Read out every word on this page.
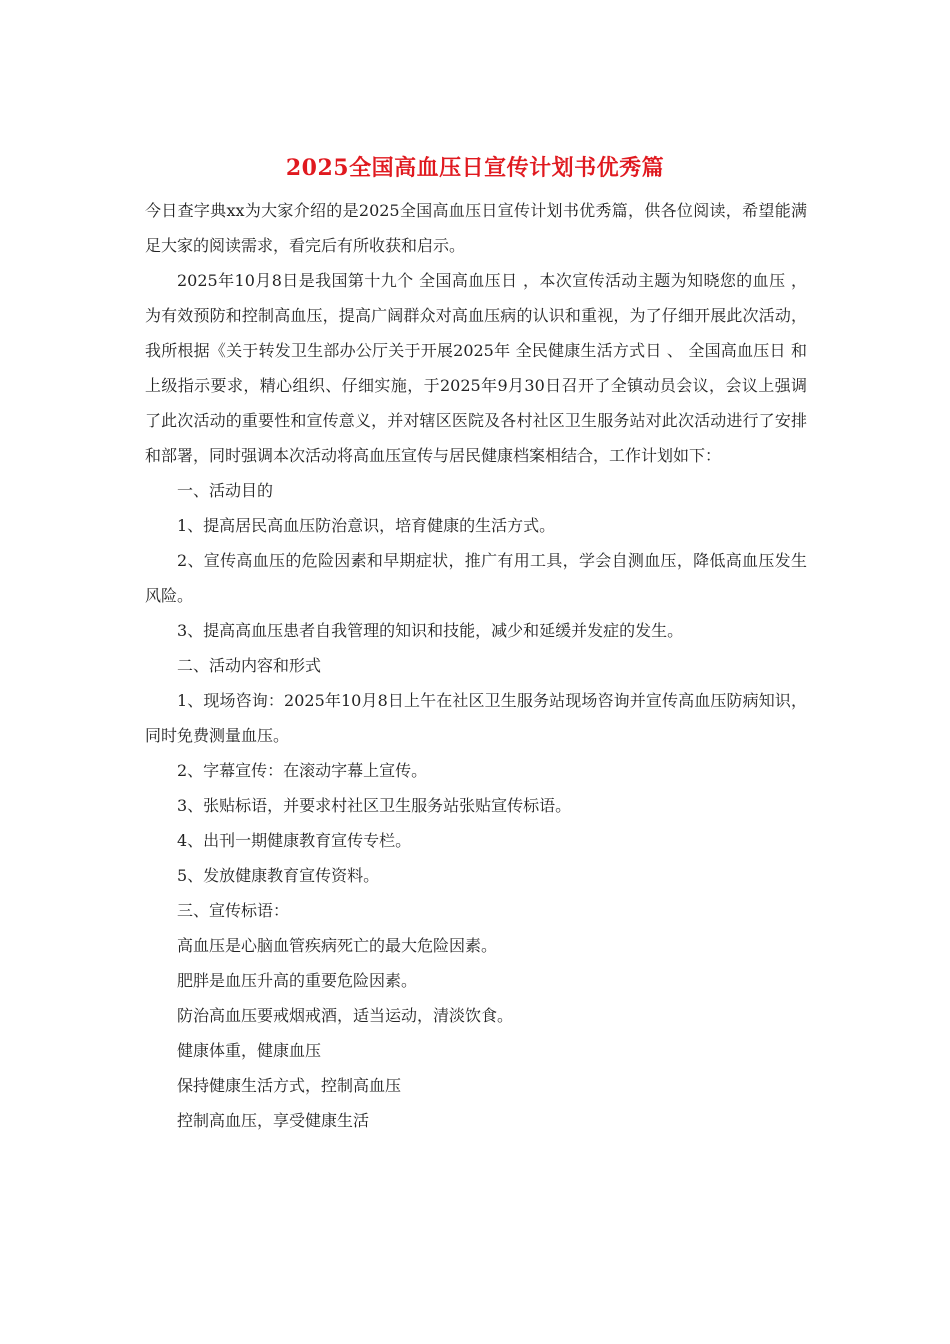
2025全国高血压日宣传计划书优秀篇

今日查字典xx为大家介绍的是2025全国高血压日宣传计划书优秀篇，供各位阅读，希望能满足大家的阅读需求，看完后有所收获和启示。

2025年10月8日是我国第十九个 全国高血压日 ，本次宣传活动主题为知晓您的血压 ，为有效预防和控制高血压，提高广阔群众对高血压病的认识和重视，为了仔细开展此次活动，我所根据《关于转发卫生部办公厅关于开展2025年 全民健康生活方式日 、 全国高血压日 和上级指示要求，精心组织、仔细实施，于2025年9月30日召开了全镇动员会议，会议上强调了此次活动的重要性和宣传意义，并对辖区医院及各村社区卫生服务站对此次活动进行了安排和部署，同时强调本次活动将高血压宣传与居民健康档案相结合，工作计划如下：

一、活动目的

1、提高居民高血压防治意识，培育健康的生活方式。

2、宣传高血压的危险因素和早期症状，推广有用工具，学会自测血压，降低高血压发生风险。

3、提高高血压患者自我管理的知识和技能，减少和延缓并发症的发生。

二、活动内容和形式

1、现场咨询：2025年10月8日上午在社区卫生服务站现场咨询并宣传高血压防病知识，同时免费测量血压。

2、字幕宣传：在滚动字幕上宣传。

3、张贴标语，并要求村社区卫生服务站张贴宣传标语。

4、出刊一期健康教育宣传专栏。

5、发放健康教育宣传资料。

三、宣传标语：

高血压是心脑血管疾病死亡的最大危险因素。

肥胖是血压升高的重要危险因素。

防治高血压要戒烟戒酒，适当运动，清淡饮食。

健康体重，健康血压

保持健康生活方式，控制高血压

控制高血压，享受健康生活
